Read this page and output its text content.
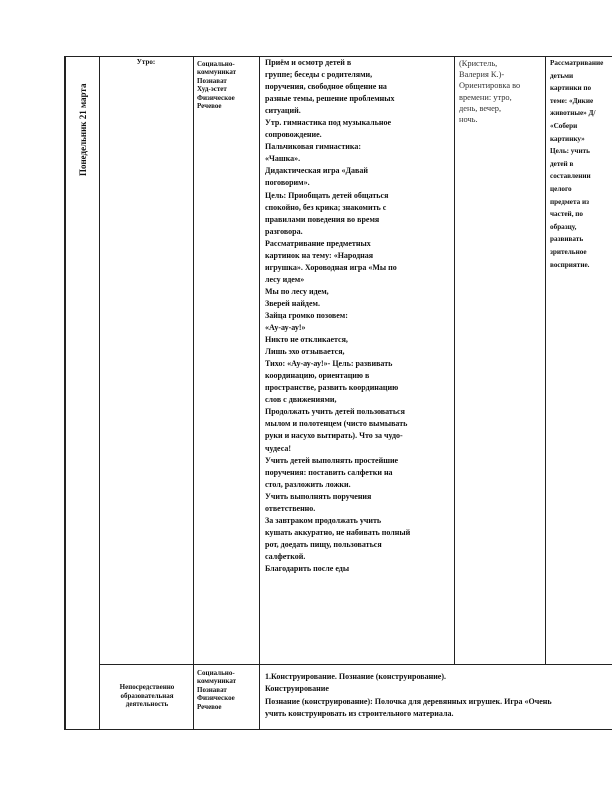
Понедельник 21 марта
Утро:	Социально-
коммуникат
Познават
Худ-эстет
Физическое
Речевое

Приём и осмотр детей в

группе; беседы с родителями,

поручения, свободное общение на

разные темы, решение проблемных

ситуаций.

Утр. гимнастика под музыкальное

сопровождение.

Пальчиковая гимнастика:

«Чашка».

Дидактическая игра «Давай

поговорим».

Цель: Приобщать детей общаться

спокойно, без крика; знакомить с

правилами поведения во время

разговора.

Рассматривание предметных

картинок на тему: «Народная

игрушка». Хороводная игра «Мы по

лесу идем»

Мы по лесу идем,

Зверей найдем.

Зайца громко позовем:

«Ау-ау-ау!»

Никто не откликается,

Лишь эхо отзывается,

Тихо: «Ау-ау-ау!»- Цель: развивать

координацию, ориентацию в

пространстве, развить координацию

слов с движениями,

Продолжать учить детей пользоваться

мылом и полотенцем (чисто вымывать

руки и насухо вытирать). Что за чудо-

чудеса!

Учить детей выполнять простейшие

поручения: поставить салфетки на

стол, разложить ложки.

Учить выполнять поручения

ответственно.

За завтраком продолжать учить

кушать аккуратно, не набивать полный

рот, доедать пищу, пользоваться

салфеткой.

Благодарить после еды

(Кристель,
Валерия К.)-
Ориентировка во
времени: утро,
день, вечер,
ночь.
Рассматривание
детьми
картинки по
теме: «Дикие
животные» Д/
«Собери
картинку»
Цель: учить
детей в
составлении
целого
предмета из
частей, по
образцу,
развивать
зрительное
восприятие.
Непосредственно
образовательная
деятельность
Социально-
коммуникат
Познават
Физическое
Речевое

1.Конструирование. Познание (конструирование).

Конструирование

Познание (конструирование): Полочка для деревянных игрушек. Игра «Очень

учить конструировать из строительного материала.
